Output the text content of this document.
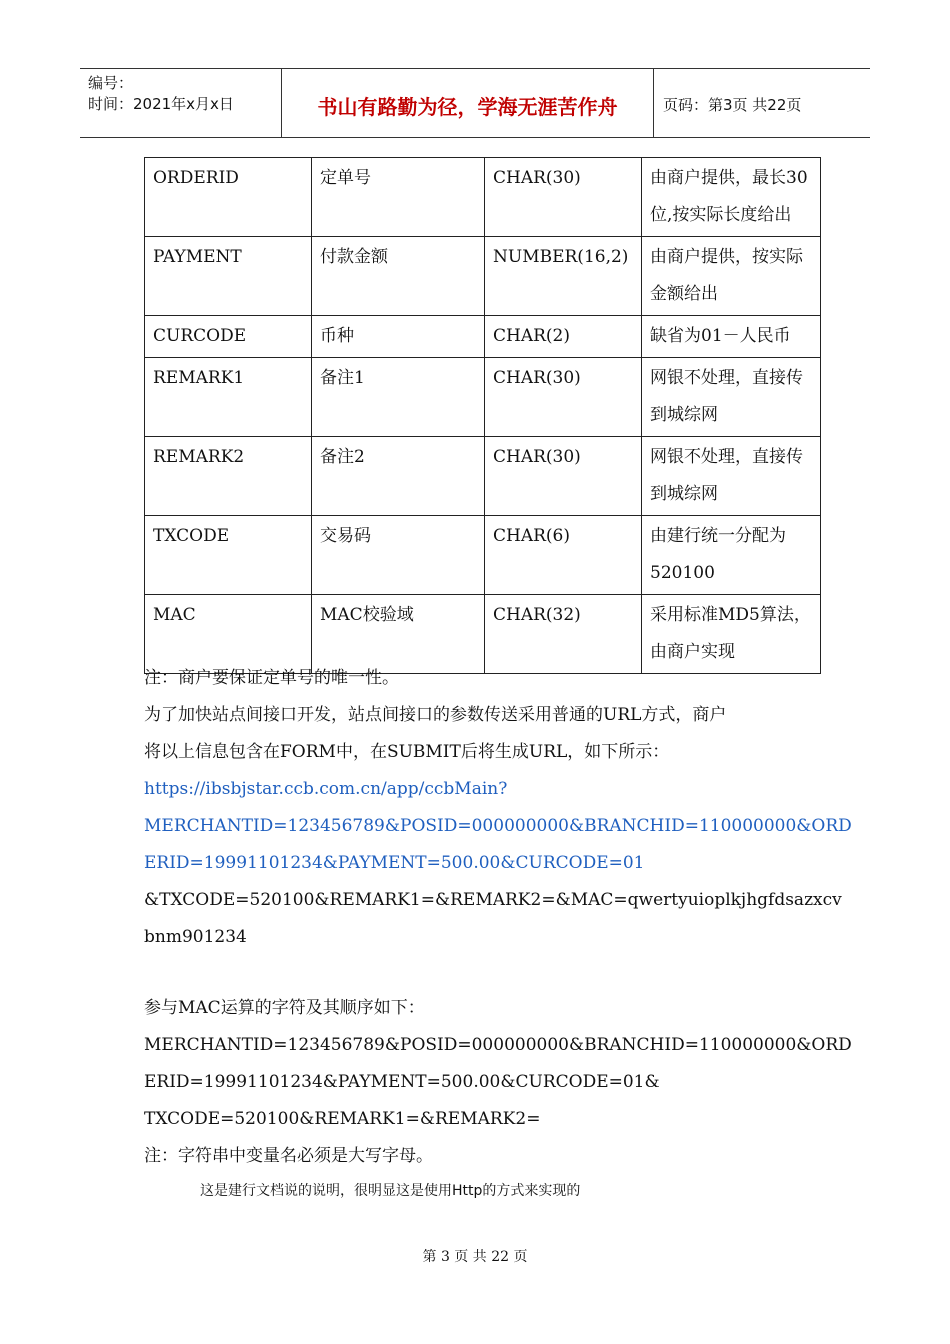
编号：
时间：2021年x月x日	书山有路勤为径，学海无涯苦作舟	页码：第3页 共22页
ORDERID	定单号	CHAR(30)	由商户提供，最长30位,按实际长度给出
PAYMENT	付款金额	NUMBER(16,2)	由商户提供，按实际金额给出
CURCODE	币种	CHAR(2)	缺省为01－人民币
REMARK1	备注1	CHAR(30)	网银不处理，直接传到城综网
REMARK2	备注2	CHAR(30)	网银不处理，直接传到城综网
TXCODE	交易码	CHAR(6)	由建行统一分配为520100
MAC	MAC校验域	CHAR(32)	采用标准MD5算法，由商户实现
注：商户要保证定单号的唯一性。
为了加快站点间接口开发，站点间接口的参数传送采用普通的URL方式，商户
将以上信息包含在FORM中，在SUBMIT后将生成URL，如下所示：
https://ibsbjstar.ccb.com.cn/app/ccbMain?
MERCHANTID=123456789&POSID=000000000&BRANCHID=110000000&ORD
ERID=19991101234&PAYMENT=500.00&CURCODE=01
&TXCODE=520100&REMARK1=&REMARK2=&MAC=qwertyuioplkjhgfdsazxcv
bnm901234
参与MAC运算的字符及其顺序如下：
MERCHANTID=123456789&POSID=000000000&BRANCHID=110000000&ORD
ERID=19991101234&PAYMENT=500.00&CURCODE=01&
TXCODE=520100&REMARK1=&REMARK2=
注：字符串中变量名必须是大写字母。
这是建行文档说的说明，很明显这是使用Http的方式来实现的
第 3 页 共 22 页
